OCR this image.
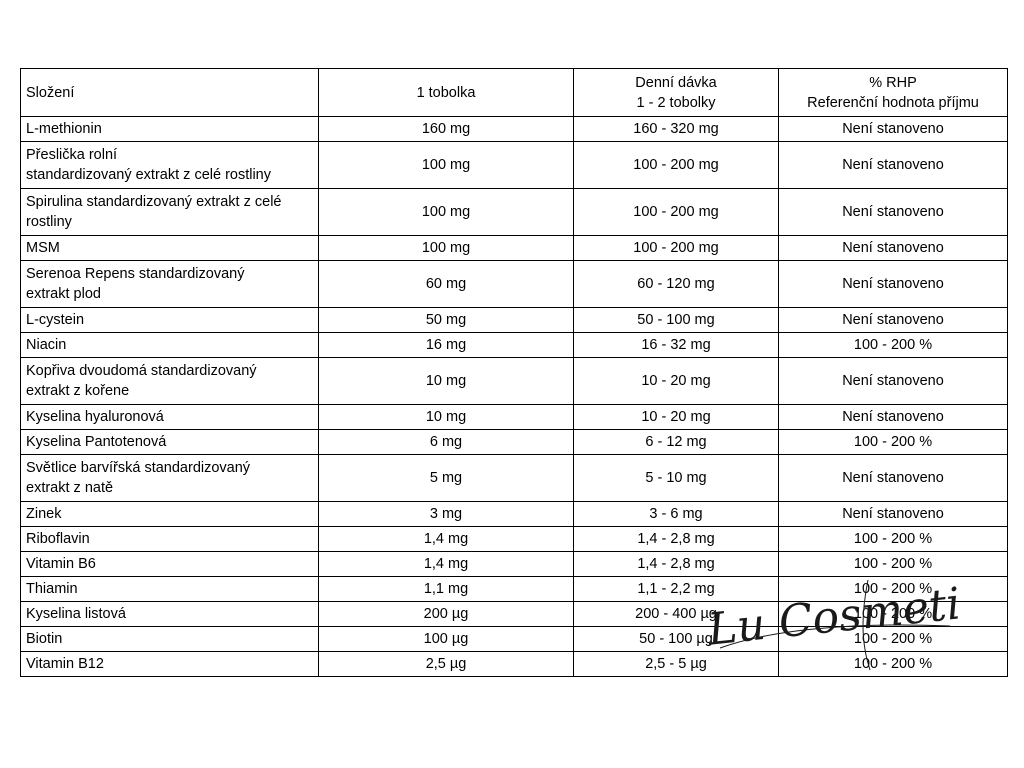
Složení	1 tobolka	Denní dávka
1 - 2 tobolky	% RHP
Referenční hodnota příjmu

L-methionin	160 mg	160 - 320 mg	Není stanoveno

Přeslička rolní
standardizovaný extrakt z celé rostliny	100 mg	100 - 200 mg	Není stanoveno

Spirulina standardizovaný extrakt z celé
rostliny	100 mg	100 - 200 mg	Není stanoveno

MSM	100 mg	100 - 200 mg	Není stanoveno

Serenoa Repens standardizovaný
extrakt plod	60 mg	60 - 120 mg	Není stanoveno

L-cystein	50 mg	50 - 100 mg	Není stanoveno

Niacin	16 mg	16 - 32 mg	100 - 200 %

Kopřiva dvoudomá standardizovaný
extrakt z kořene	10 mg	10 - 20 mg	Není stanoveno

Kyselina hyaluronová	10 mg	10 - 20 mg	Není stanoveno

Kyselina Pantotenová	6 mg	6 - 12 mg	100 - 200 %

Světlice barvířská standardizovaný
extrakt z natě	5 mg	5 - 10 mg	Není stanoveno

Zinek	3 mg	3 - 6 mg	Není stanoveno

Riboflavin	1,4 mg	1,4 - 2,8 mg	100 - 200 %

Vitamin B6	1,4 mg	1,4 - 2,8 mg	100 - 200 %

Thiamin	1,1 mg	1,1 - 2,2 mg	100 - 200 %

Kyselina listová	200 µg	200 - 400 µg	100 - 200 %

Biotin	100 µg	50 - 100 µg	100 - 200 %

Vitamin B12	2,5 µg	2,5 - 5 µg	100 - 200 %
Lu Cosmetics
